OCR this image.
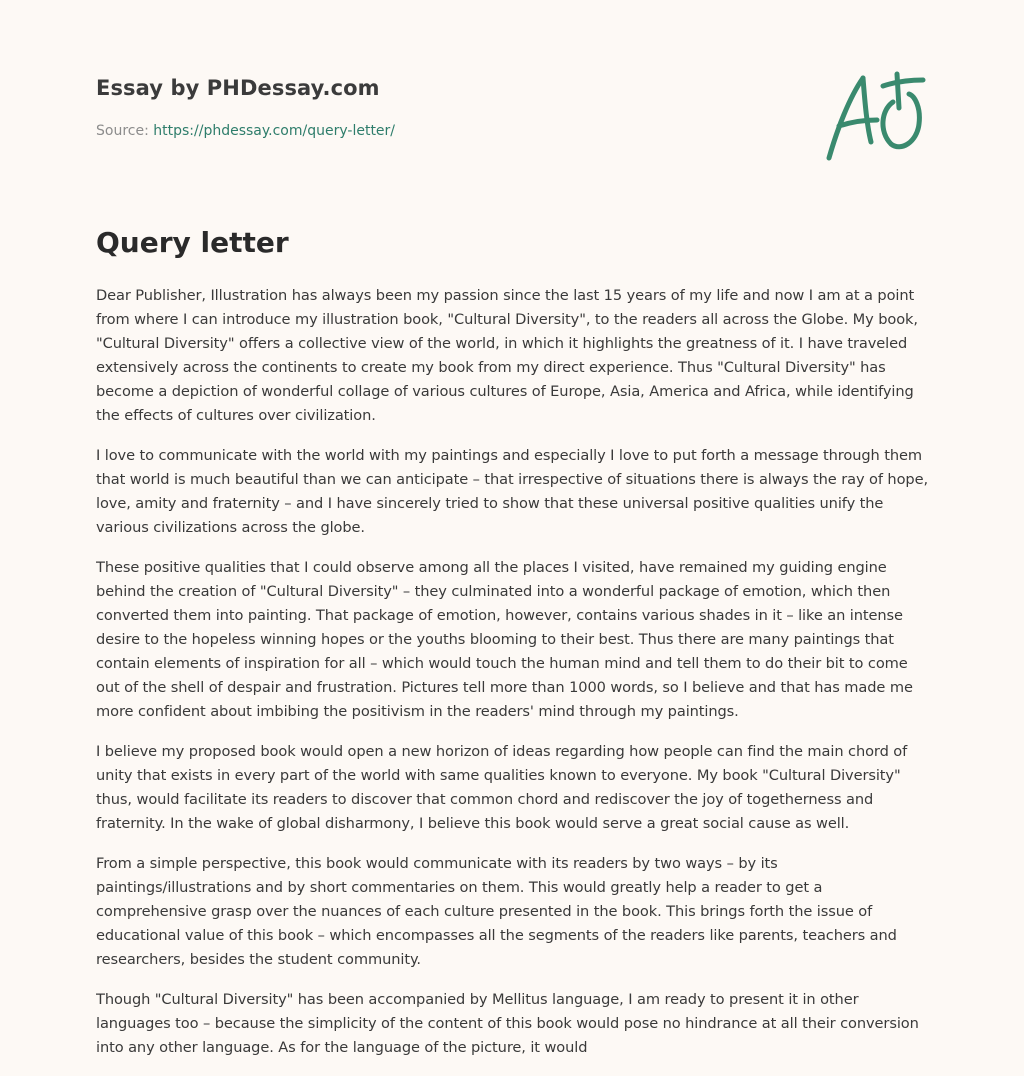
Essay by PHDessay.com
Source: https://phdessay.com/query-letter/
Query letter

Dear Publisher, Illustration has always been my passion since the last 15 years of my life and now I am at a point from where I can introduce my illustration book, "Cultural Diversity", to the readers all across the Globe. My book, "Cultural Diversity" offers a collective view of the world, in which it highlights the greatness of it. I have traveled extensively across the continents to create my book from my direct experience. Thus "Cultural Diversity" has become a depiction of wonderful collage of various cultures of Europe, Asia, America and Africa, while identifying the effects of cultures over civilization.

I love to communicate with the world with my paintings and especially I love to put forth a message through them that world is much beautiful than we can anticipate – that irrespective of situations there is always the ray of hope, love, amity and fraternity – and I have sincerely tried to show that these universal positive qualities unify the various civilizations across the globe.

These positive qualities that I could observe among all the places I visited, have remained my guiding engine behind the creation of "Cultural Diversity" – they culminated into a wonderful package of emotion, which then converted them into painting. That package of emotion, however, contains various shades in it – like an intense desire to the hopeless winning hopes or the youths blooming to their best. Thus there are many paintings that contain elements of inspiration for all – which would touch the human mind and tell them to do their bit to come out of the shell of despair and frustration. Pictures tell more than 1000 words, so I believe and that has made me more confident about imbibing the positivism in the readers' mind through my paintings.

I believe my proposed book would open a new horizon of ideas regarding how people can find the main chord of unity that exists in every part of the world with same qualities known to everyone. My book "Cultural Diversity" thus, would facilitate its readers to discover that common chord and rediscover the joy of togetherness and fraternity. In the wake of global disharmony, I believe this book would serve a great social cause as well.

From a simple perspective, this book would communicate with its readers by two ways – by its paintings/illustrations and by short commentaries on them. This would greatly help a reader to get a comprehensive grasp over the nuances of each culture presented in the book. This brings forth the issue of educational value of this book – which encompasses all the segments of the readers like parents, teachers and researchers, besides the student community.

Though "Cultural Diversity" has been accompanied by Mellitus language, I am ready to present it in other languages too – because the simplicity of the content of this book would pose no hindrance at all their conversion into any other language. As for the language of the picture, it would
